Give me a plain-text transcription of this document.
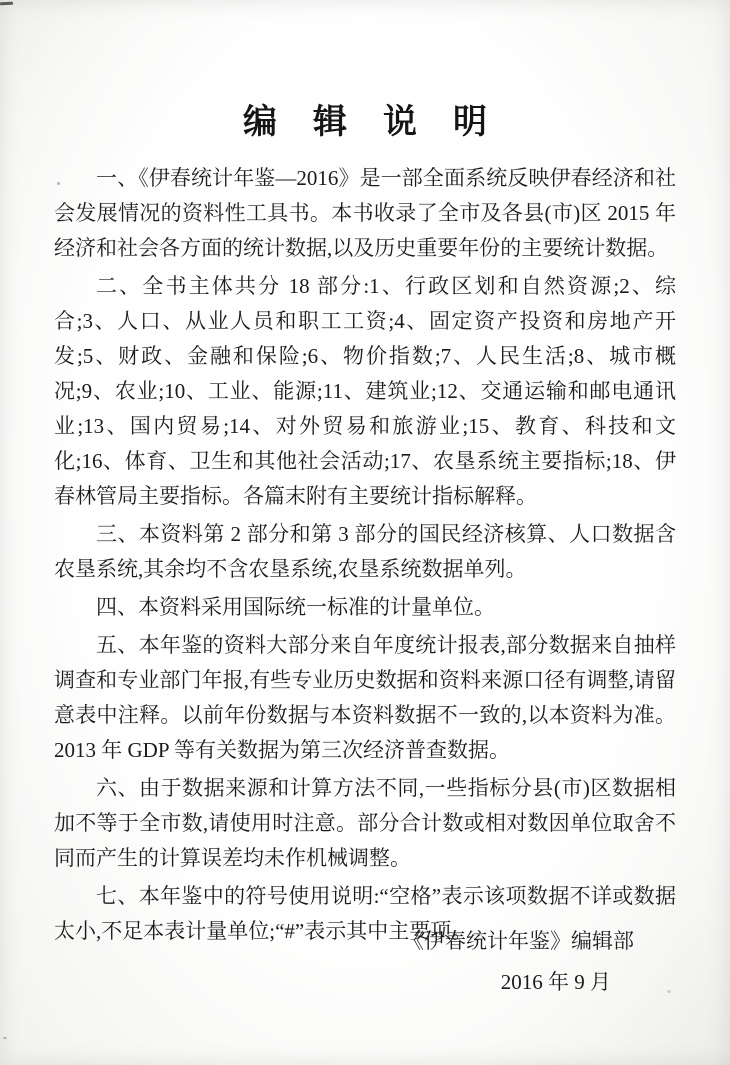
编辑说明

一、《伊春统计年鉴—2016》是一部全面系统反映伊春经济和社会发展情况的资料性工具书。本书收录了全市及各县(市)区 2015 年经济和社会各方面的统计数据,以及历史重要年份的主要统计数据。

二、全书主体共分 18 部分:1、行政区划和自然资源;2、综合;3、人口、从业人员和职工工资;4、固定资产投资和房地产开发;5、财政、金融和保险;6、物价指数;7、人民生活;8、城市概况;9、农业;10、工业、能源;11、建筑业;12、交通运输和邮电通讯业;13、国内贸易;14、对外贸易和旅游业;15、教育、科技和文化;16、体育、卫生和其他社会活动;17、农垦系统主要指标;18、伊春林管局主要指标。各篇末附有主要统计指标解释。

三、本资料第 2 部分和第 3 部分的国民经济核算、人口数据含农垦系统,其余均不含农垦系统,农垦系统数据单列。

四、本资料采用国际统一标准的计量单位。

五、本年鉴的资料大部分来自年度统计报表,部分数据来自抽样调查和专业部门年报,有些专业历史数据和资料来源口径有调整,请留意表中注释。以前年份数据与本资料数据不一致的,以本资料为准。2013 年 GDP 等有关数据为第三次经济普查数据。

六、由于数据来源和计算方法不同,一些指标分县(市)区数据相加不等于全市数,请使用时注意。部分合计数或相对数因单位取舍不同而产生的计算误差均未作机械调整。

七、本年鉴中的符号使用说明:“空格”表示该项数据不详或数据太小,不足本表计量单位;“#”表示其中主要项。

《伊春统计年鉴》编辑部
2016 年 9 月
